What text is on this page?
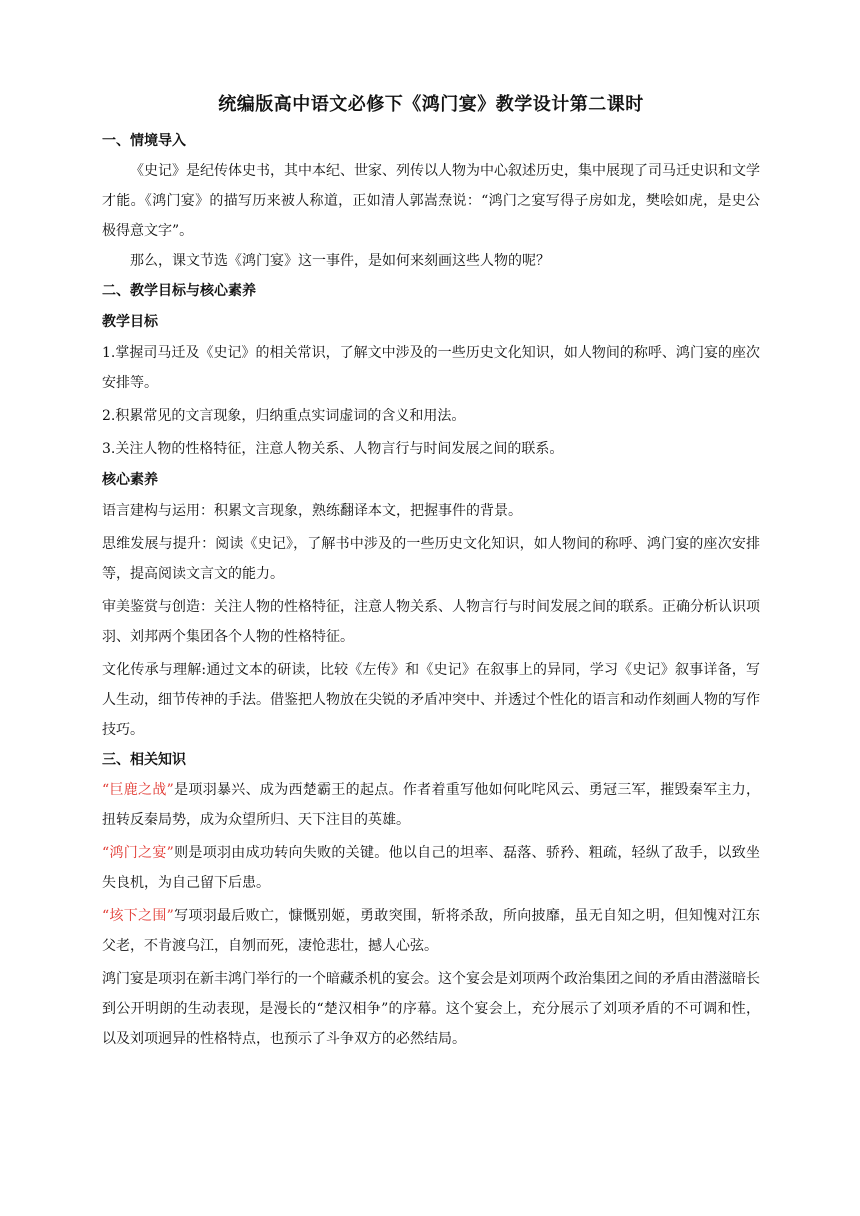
统编版高中语文必修下《鸿门宴》教学设计第二课时
一、情境导入

《史记》是纪传体史书，其中本纪、世家、列传以人物为中心叙述历史，集中展现了司马迁史识和文学才能。《鸿门宴》的描写历来被人称道，正如清人郭嵩焘说：“鸿门之宴写得子房如龙，樊哙如虎，是史公极得意文字”。

那么，课文节选《鸿门宴》这一事件，是如何来刻画这些人物的呢？

二、教学目标与核心素养
教学目标

1.掌握司马迁及《史记》的相关常识，了解文中涉及的一些历史文化知识，如人物间的称呼、鸿门宴的座次安排等。

2.积累常见的文言现象，归纳重点实词虚词的含义和用法。

3.关注人物的性格特征，注意人物关系、人物言行与时间发展之间的联系。

核心素养

语言建构与运用：积累文言现象，熟练翻译本文，把握事件的背景。

思维发展与提升：阅读《史记》，了解书中涉及的一些历史文化知识，如人物间的称呼、鸿门宴的座次安排等，提高阅读文言文的能力。

审美鉴赏与创造：关注人物的性格特征，注意人物关系、人物言行与时间发展之间的联系。正确分析认识项羽、刘邦两个集团各个人物的性格特征。

文化传承与理解:通过文本的研读，比较《左传》和《史记》在叙事上的异同，学习《史记》叙事详备，写人生动，细节传神的手法。借鉴把人物放在尖锐的矛盾冲突中、并透过个性化的语言和动作刻画人物的写作技巧。

三、相关知识

“巨鹿之战”是项羽暴兴、成为西楚霸王的起点。作者着重写他如何叱咤风云、勇冠三军，摧毁秦军主力，扭转反秦局势，成为众望所归、天下注目的英雄。

“鸿门之宴”则是项羽由成功转向失败的关键。他以自己的坦率、磊落、骄矜、粗疏，轻纵了敌手，以致坐失良机，为自己留下后患。

“垓下之围”写项羽最后败亡，慷慨别姬，勇敢突围，斩将杀敌，所向披靡，虽无自知之明，但知愧对江东父老，不肯渡乌江，自刎而死，凄怆悲壮，撼人心弦。

鸿门宴是项羽在新丰鸿门举行的一个暗藏杀机的宴会。这个宴会是刘项两个政治集团之间的矛盾由潜滋暗长到公开明朗的生动表现，是漫长的“楚汉相争”的序幕。这个宴会上，充分展示了刘项矛盾的不可调和性，以及刘项迥异的性格特点，也预示了斗争双方的必然结局。
